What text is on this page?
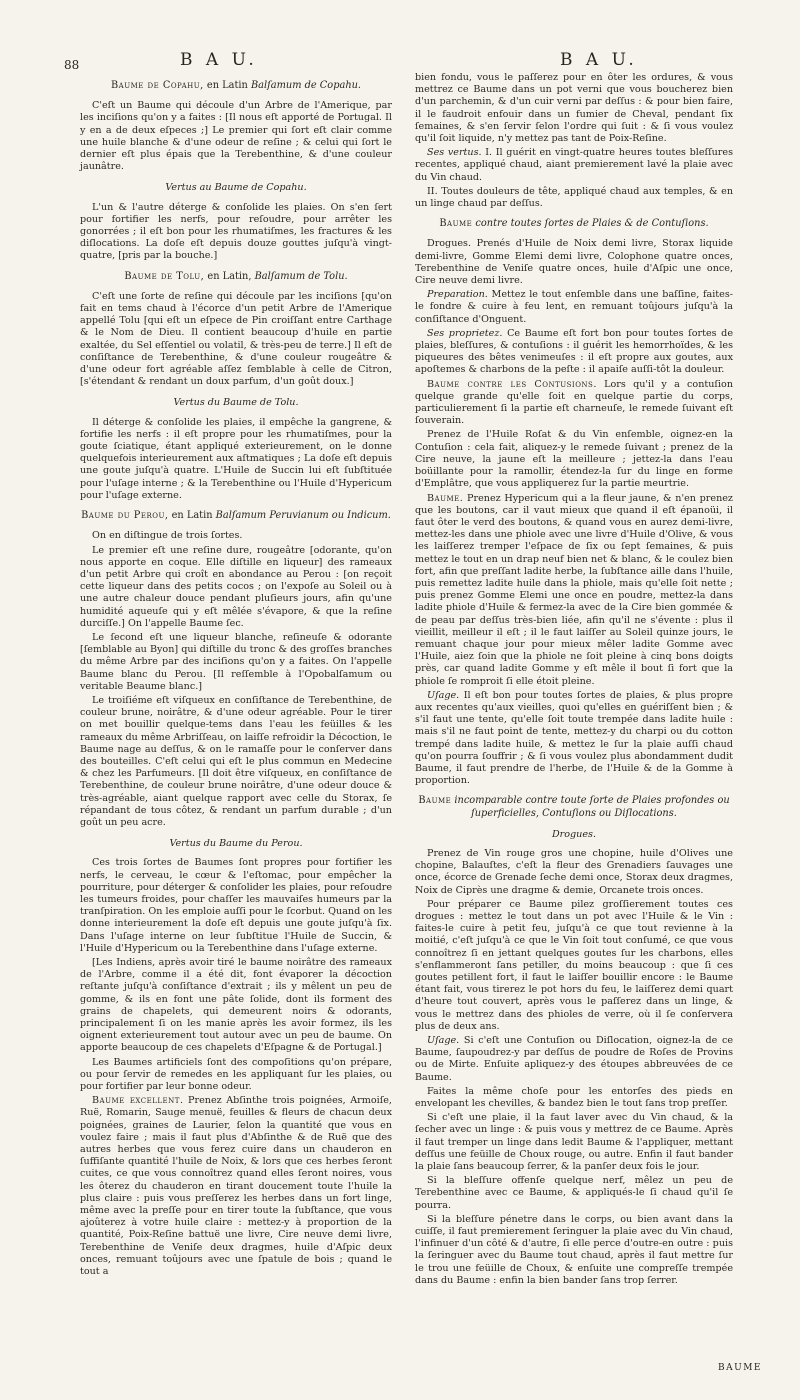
88	B A U.	B A U.

Baume de Copahu, en Latin Balſamum de Copahu.

C'eſt un Baume qui découle d'un Arbre de l'Amerique, par les inciſions qu'on y a faites : [Il nous eſt apporté de Portugal. Il y en a de deux eſpeces ;] Le premier qui ſort eſt clair comme une huile blanche & d'une odeur de reſine ; & celui qui ſort le dernier eſt plus épais que la Terebenthine, & d'une couleur jaunâtre.

Vertus au Baume de Copahu.

L'un & l'autre déterge & conſolide les plaies. On s'en ſert pour fortifier les nerfs, pour reſoudre, pour arrêter les gonorrées ; il eſt bon pour les rhumatiſmes, les fractures & les diſlocations. La doſe eſt depuis douze gouttes juſqu'à vingt-quatre, [pris par la bouche.]

Baume de Tolu, en Latin, Balſamum de Tolu.

C'eſt une ſorte de reſine qui découle par les inciſions [qu'on fait en tems chaud à l'écorce d'un petit Arbre de l'Amerique appellé Tolu [qui eſt un eſpece de Pin croiſſant entre Carthage & le Nom de Dieu. Il contient beaucoup d'huile en partie exaltée, du Sel eſſentiel ou volatil, & très-peu de terre.] Il eſt de conſiſtance de Terebenthine, & d'une couleur rougeâtre & d'une odeur fort agréable aſſez ſemblable à celle de Citron, [s'étendant & rendant un doux parfum, d'un goût doux.]

Vertus du Baume de Tolu.

Il déterge & conſolide les plaies, il empêche la gangrene, & fortifie les nerfs : il eſt propre pour les rhumatiſmes, pour la goute ſciatique, étant appliqué exterieurement, on le donne quelquefois interieurement aux aſtmatiques ; La doſe eſt depuis une goute juſqu'à quatre. L'Huile de Succin lui eſt ſubſtituée pour l'uſage interne ; & la Terebenthine ou l'Huile d'Hypericum pour l'uſage externe.

Baume du Perou, en Latin Balſamum Peruvianum ou Indicum.

On en diſtingue de trois ſortes.

Le premier eſt une reſine dure, rougeâtre [odorante, qu'on nous apporte en coque. Elle diſtille en liqueur] des rameaux d'un petit Arbre qui croît en abondance au Perou : [on reçoit cette liqueur dans des petits cocos ; on l'expoſe au Soleil ou à une autre chaleur douce pendant pluſieurs jours, afin qu'une humidité aqueuſe qui y eſt mêlée s'évapore, & que la reſine durciſſe.] On l'appelle Baume ſec.

Le ſecond eſt une liqueur blanche, reſineuſe & odorante [ſemblable au Byon] qui diſtille du tronc & des groſſes branches du même Arbre par des inciſions qu'on y a faites. On l'appelle Baume blanc du Perou. [Il reſſemble à l'Opobalſamum ou veritable Beaume blanc.]

Le troiſiéme eſt viſqueux en conſiſtance de Terebenthine, de couleur brune, noirâtre, & d'une odeur agréable. Pour le tirer on met bouillir quelque-tems dans l'eau les feüilles & les rameaux du même Arbriſſeau, on laiſſe refroidir la Décoction, le Baume nage au deſſus, & on le ramaſſe pour le conſerver dans des bouteilles. C'eſt celui qui eſt le plus commun en Medecine & chez les Parfumeurs. [Il doit être viſqueux, en conſiſtance de Terebenthine, de couleur brune noirâtre, d'une odeur douce & très-agréable, aiant quelque rapport avec celle du Storax, ſe répandant de tous côtez, & rendant un parfum durable ; d'un goût un peu acre.

Vertus du Baume du Perou.

Ces trois ſortes de Baumes ſont propres pour fortifier les nerfs, le cerveau, le cœur & l'eſtomac, pour empêcher la pourriture, pour déterger & conſolider les plaies, pour reſoudre les tumeurs froides, pour chaſſer les mauvaiſes humeurs par la tranſpiration. On les emploie auſſi pour le ſcorbut. Quand on les donne interieurement la doſe eſt depuis une goute juſqu'à ſix. Dans l'uſage interne on leur ſubſtitue l'Huile de Succin, & l'Huile d'Hypericum ou la Terebenthine dans l'uſage externe.

[Les Indiens, après avoir tiré le baume noirâtre des rameaux de l'Arbre, comme il a été dit, font évaporer la décoction reſtante juſqu'à conſiſtance d'extrait ; ils y mêlent un peu de gomme, & ils en font une pâte ſolide, dont ils forment des grains de chapelets, qui demeurent noirs & odorants, principalement ſi on les manie après les avoir formez, ils les oignent exterieurement tout autour avec un peu de baume. On apporte beaucoup de ces chapelets d'Eſpagne & de Portugal.]

Les Baumes artificiels ſont des compoſitions qu'on prépare, ou pour ſervir de remedes en les appliquant ſur les plaies, ou pour fortifier par leur bonne odeur.

Baume excellent. Prenez Abſinthe trois poignées, Armoiſe, Ruë, Romarin, Sauge menuë, feuilles & fleurs de chacun deux poignées, graines de Laurier, ſelon la quantité que vous en voulez faire ; mais il faut plus d'Abſinthe & de Ruë que des autres herbes que vous ferez cuire dans un chauderon en ſuffiſante quantité l'huile de Noix, & lors que ces herbes ſeront cuites, ce que vous connoîtrez quand elles ſeront noires, vous les ôterez du chauderon en tirant doucement toute l'huile la plus claire : puis vous preſſerez les herbes dans un fort linge, même avec la preſſe pour en tirer toute la ſubſtance, que vous ajoûterez à votre huile claire : mettez-y à proportion de la quantité, Poix-Reſine battuë une livre, Cire neuve demi livre, Terebenthine de Veniſe deux dragmes, huile d'Aſpic deux onces, remuant toûjours avec une ſpatule de bois ; quand le tout a

bien fondu, vous le paſſerez pour en ôter les ordures, & vous mettrez ce Baume dans un pot verni que vous boucherez bien d'un parchemin, & d'un cuir verni par deſſus : & pour bien faire, il le faudroit enfouir dans un fumier de Cheval, pendant ſix ſemaines, & s'en ſervir ſelon l'ordre qui ſuit : & ſi vous voulez qu'il ſoit liquide, n'y mettez pas tant de Poix-Reſine.

Ses vertus. I. Il guérit en vingt-quatre heures toutes bleſſures recentes, appliqué chaud, aiant premierement lavé la plaie avec du Vin chaud.

II. Toutes douleurs de tête, appliqué chaud aux temples, & en un linge chaud par deſſus.

Baume contre toutes ſortes de Plaies & de Contuſions.

Drogues. Prenés d'Huile de Noix demi livre, Storax liquide demi-livre, Gomme Elemi demi livre, Colophone quatre onces, Terebenthine de Veniſe quatre onces, huile d'Aſpic une once, Cire neuve demi livre.

Preparation. Mettez le tout enſemble dans une baſſine, faites-le fondre & cuire à feu lent, en remuant toûjours juſqu'à la conſiſtance d'Onguent.

Ses proprietez. Ce Baume eſt fort bon pour toutes ſortes de plaies, bleſſures, & contuſions : il guérit les hemorrhoïdes, & les piqueures des bêtes venimeuſes : il eſt propre aux goutes, aux apoſtemes & charbons de la peſte : il apaiſe auſſi-tôt la douleur.

Baume contre les Contuſions. Lors qu'il y a contuſion quelque grande qu'elle ſoit en quelque partie du corps, particulierement ſi la partie eſt charneuſe, le remede ſuivant eſt ſouverain.

Prenez de l'Huile Roſat & du Vin enſemble, oignez-en la Contuſion : cela fait, aliquez-y le remede ſuivant ; prenez de la Cire neuve, la jaune eſt la meilleure ; jettez-la dans l'eau boüillante pour la ramollir, étendez-la ſur du linge en forme d'Emplâtre, que vous appliquerez ſur la partie meurtrie.

Baume. Prenez Hypericum qui a la fleur jaune, & n'en prenez que les boutons, car il vaut mieux que quand il eſt épanoüi, il faut ôter le verd des boutons, & quand vous en aurez demi-livre, mettez-les dans une phiole avec une livre d'Huile d'Olive, & vous les laiſſerez tremper l'eſpace de ſix ou ſept ſemaines, & puis mettez le tout en un drap neuf bien net & blanc, & le coulez bien fort, afin que preſſant ladite herbe, la ſubſtance aille dans l'huile, puis remettez ladite huile dans la phiole, mais qu'elle ſoit nette ; puis prenez Gomme Elemi une once en poudre, mettez-la dans ladite phiole d'Huile & fermez-la avec de la Cire bien gommée & de peau par deſſus très-bien liée, afin qu'il ne s'évente : plus il vieillit, meilleur il eſt ; il le faut laiſſer au Soleil quinze jours, le remuant chaque jour pour mieux mêler ladite Gomme avec l'Huile, aiez ſoin que la phiole ne ſoit pleine à cinq bons doigts près, car quand ladite Gomme y eſt mêle il bout ſi fort que la phiole ſe romproit ſi elle étoit pleine.

Uſage. Il eſt bon pour toutes ſortes de plaies, & plus propre aux recentes qu'aux vieilles, quoi qu'elles en guériſſent bien ; & s'il faut une tente, qu'elle ſoit toute trempée dans ladite huile : mais s'il ne faut point de tente, mettez-y du charpi ou du cotton trempé dans ladite huile, & mettez le ſur la plaie auſſi chaud qu'on pourra ſouffrir ; & ſi vous voulez plus abondamment dudit Baume, il faut prendre de l'herbe, de l'Huile & de la Gomme à proportion.

Baume incomparable contre toute ſorte de Plaies profondes ou ſuperficielles, Contuſions ou Diſlocations.

Drogues.

Prenez de Vin rouge gros une chopine, huile d'Olives une chopine, Balauſtes, c'eſt la fleur des Grenadiers ſauvages une once, écorce de Grenade ſeche demi once, Storax deux dragmes, Noix de Ciprès une dragme & demie, Orcanete trois onces.

Pour préparer ce Baume pilez groſſierement toutes ces drogues : mettez le tout dans un pot avec l'Huile & le Vin : faites-le cuire à petit feu, juſqu'à ce que tout revienne à la moitié, c'eſt juſqu'à ce que le Vin ſoit tout conſumé, ce que vous connoîtrez ſi en jettant quelques goutes ſur les charbons, elles s'enflammeront ſans petiller, du moins beaucoup : que ſi ces goutes petillent fort, il faut le laiſſer bouillir encore : le Baume étant fait, vous tirerez le pot hors du feu, le laiſſerez demi quart d'heure tout couvert, après vous le paſſerez dans un linge, & vous le mettrez dans des phioles de verre, où il ſe conſervera plus de deux ans.

Uſage. Si c'eſt une Contuſion ou Diſlocation, oignez-la de ce Baume, ſaupoudrez-y par deſſus de poudre de Roſes de Provins ou de Mirte. Enſuite apliquez-y des étoupes abbreuvées de ce Baume.

Faites la même choſe pour les entorſes des pieds en envelopant les chevilles, & bandez bien le tout ſans trop preſſer.

Si c'eſt une plaie, il la faut laver avec du Vin chaud, & la ſecher avec un linge : & puis vous y mettrez de ce Baume. Après il faut tremper un linge dans ledit Baume & l'appliquer, mettant deſſus une feüille de Choux rouge, ou autre. Enfin il faut bander la plaie ſans beaucoup ſerrer, & la panſer deux fois le jour.

Si la bleſſure offenſe quelque nerf, mêlez un peu de Terebenthine avec ce Baume, & appliqués-le ſi chaud qu'il ſe pourra.

Si la bleſſure pénetre dans le corps, ou bien avant dans la cuiſſe, il faut premierement ſeringuer la plaie avec du Vin chaud, l'infinuer d'un côté & d'autre, ſi elle perce d'outre-en outre : puis la ſeringuer avec du Baume tout chaud, après il faut mettre ſur le trou une feüille de Choux, & enſuite une compreſſe trempée dans du Baume : enfin la bien bander ſans trop ſerrer.

BAUME
